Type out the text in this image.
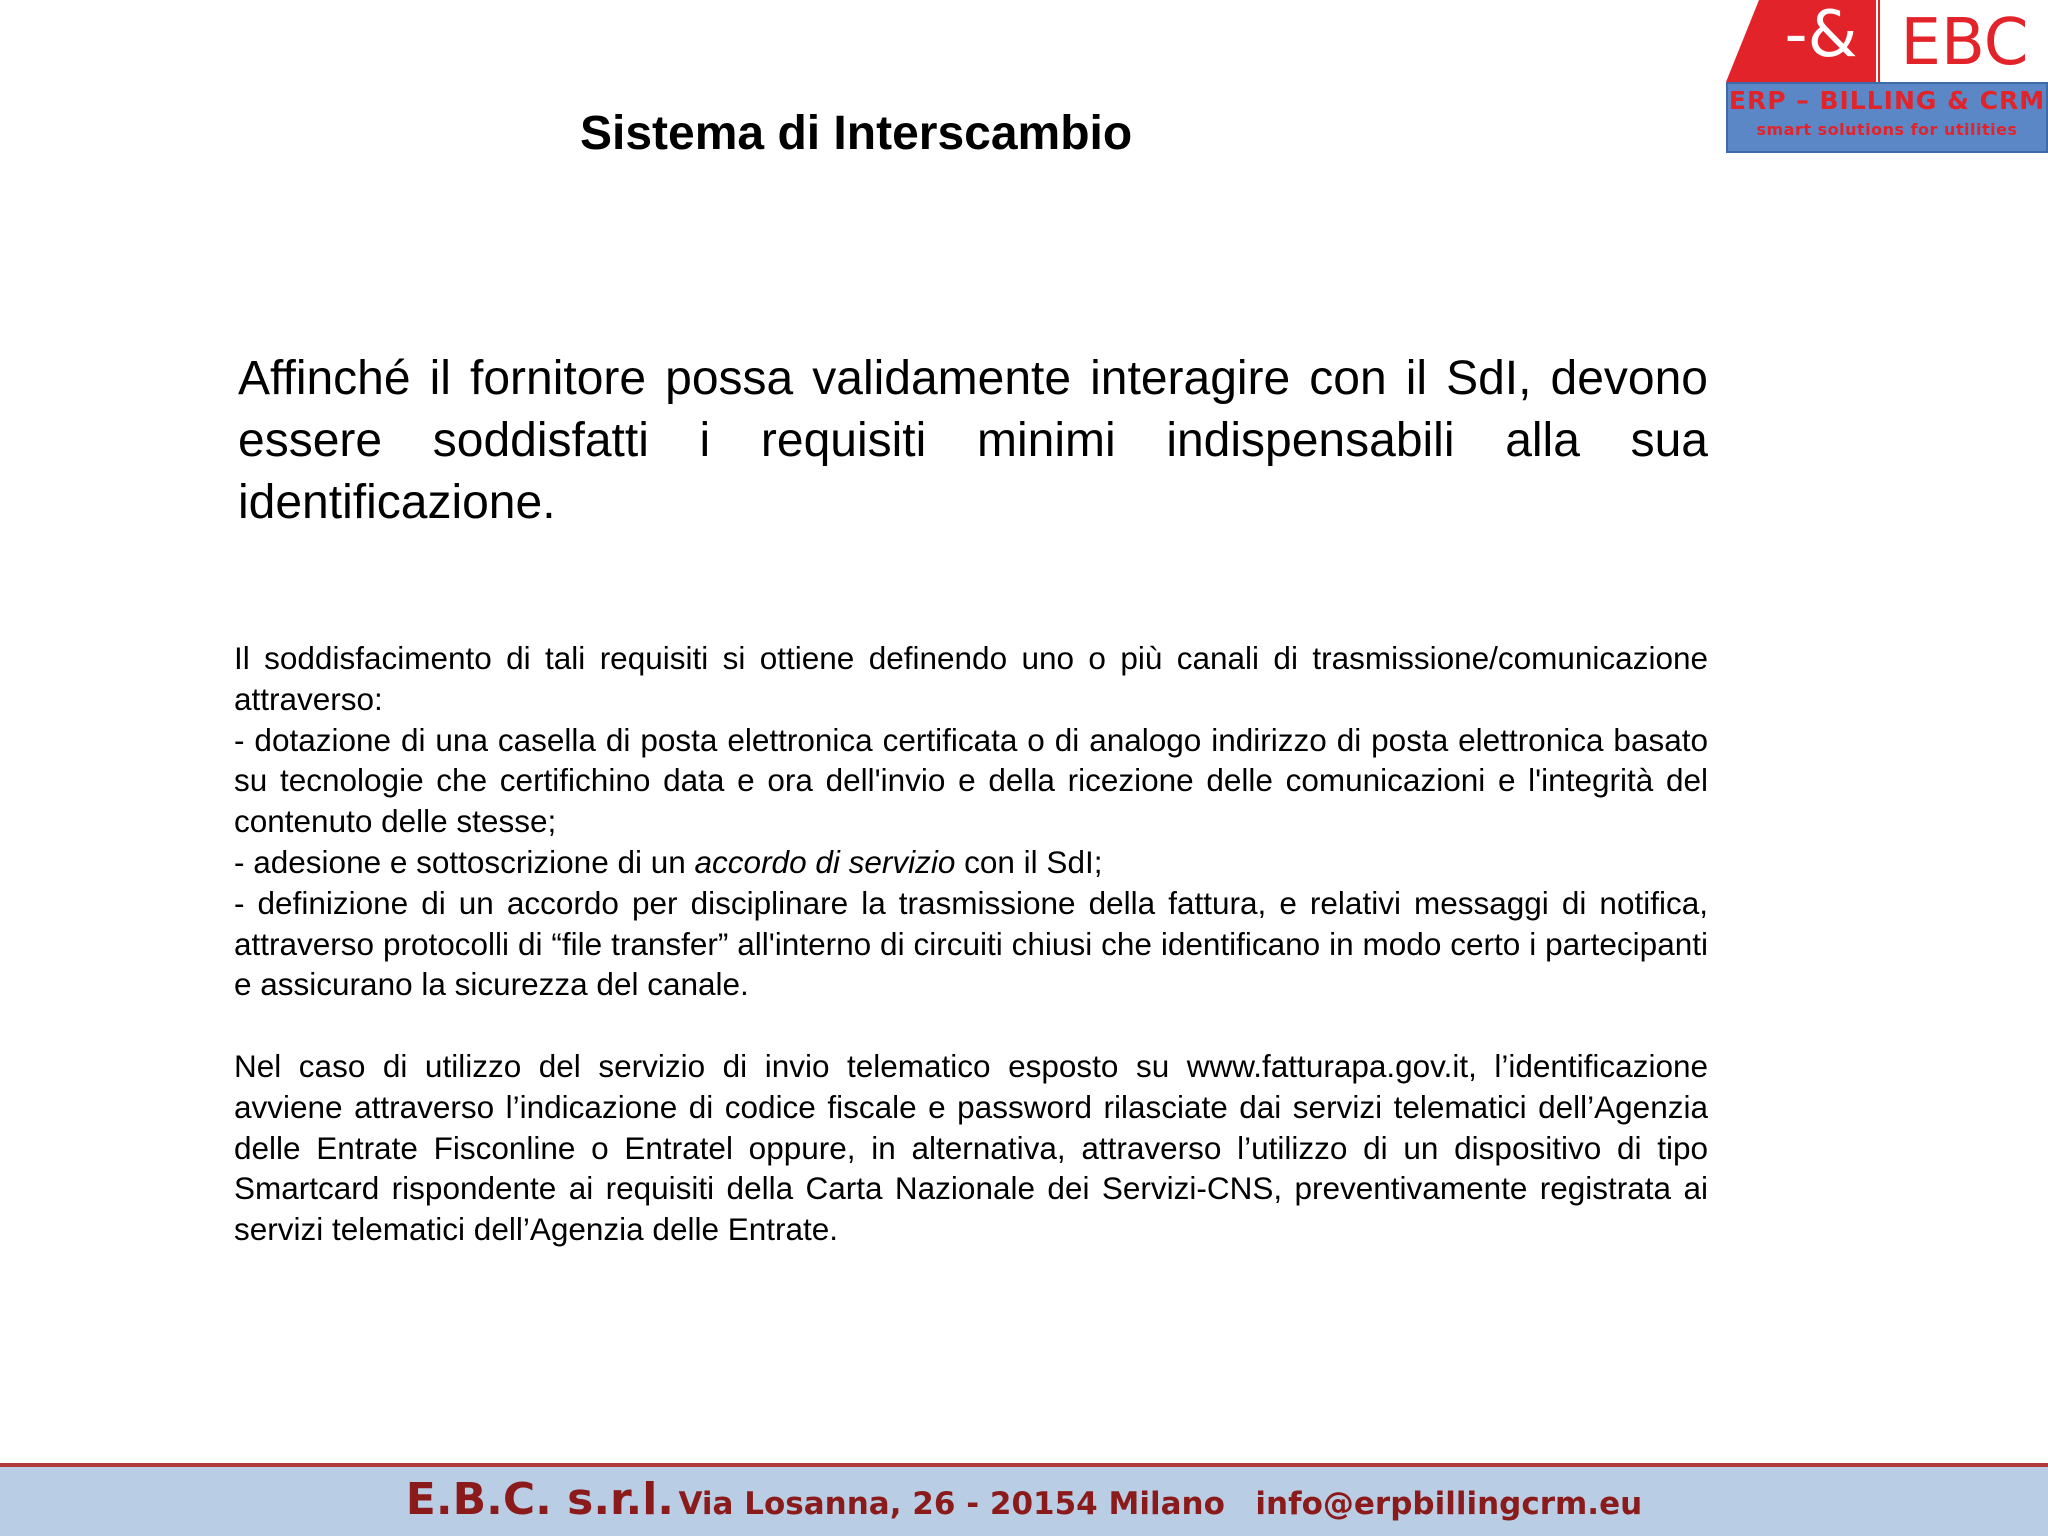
-& EBC
ERP – BILLING & CRM
smart solutions for utilities
Sistema di Interscambio
Affinché il fornitore possa validamente interagire con il SdI, devono essere soddisfatti i requisiti minimi indispensabili alla sua identificazione.

Il soddisfacimento di tali requisiti si ottiene definendo uno o più canali di trasmissione/comunicazione attraverso:

- dotazione di una casella di posta elettronica certificata o di analogo indirizzo di posta elettronica basato su tecnologie che certifichino data e ora dell'invio e della ricezione delle comunicazioni e l'integrità del contenuto delle stesse;

- adesione e sottoscrizione di un accordo di servizio con il SdI;

- definizione di un accordo per disciplinare la trasmissione della fattura, e relativi messaggi di notifica, attraverso protocolli di “file transfer” all'interno di circuiti chiusi che identificano in modo certo i partecipanti e assicurano la sicurezza del canale.

Nel caso di utilizzo del servizio di invio telematico esposto su www.fatturapa.gov.it, l’identificazione avviene attraverso l’indicazione di codice fiscale e password rilasciate dai servizi telematici dell’Agenzia delle Entrate Fisconline o Entratel oppure, in alternativa, attraverso l’utilizzo di un dispositivo di tipo Smartcard rispondente ai requisiti della Carta Nazionale dei Servizi-CNS, preventivamente registrata ai servizi telematici dell’Agenzia delle Entrate.

E.B.C. s.r.l. Via Losanna, 26 - 20154 Milano info@erpbillingcrm.eu
